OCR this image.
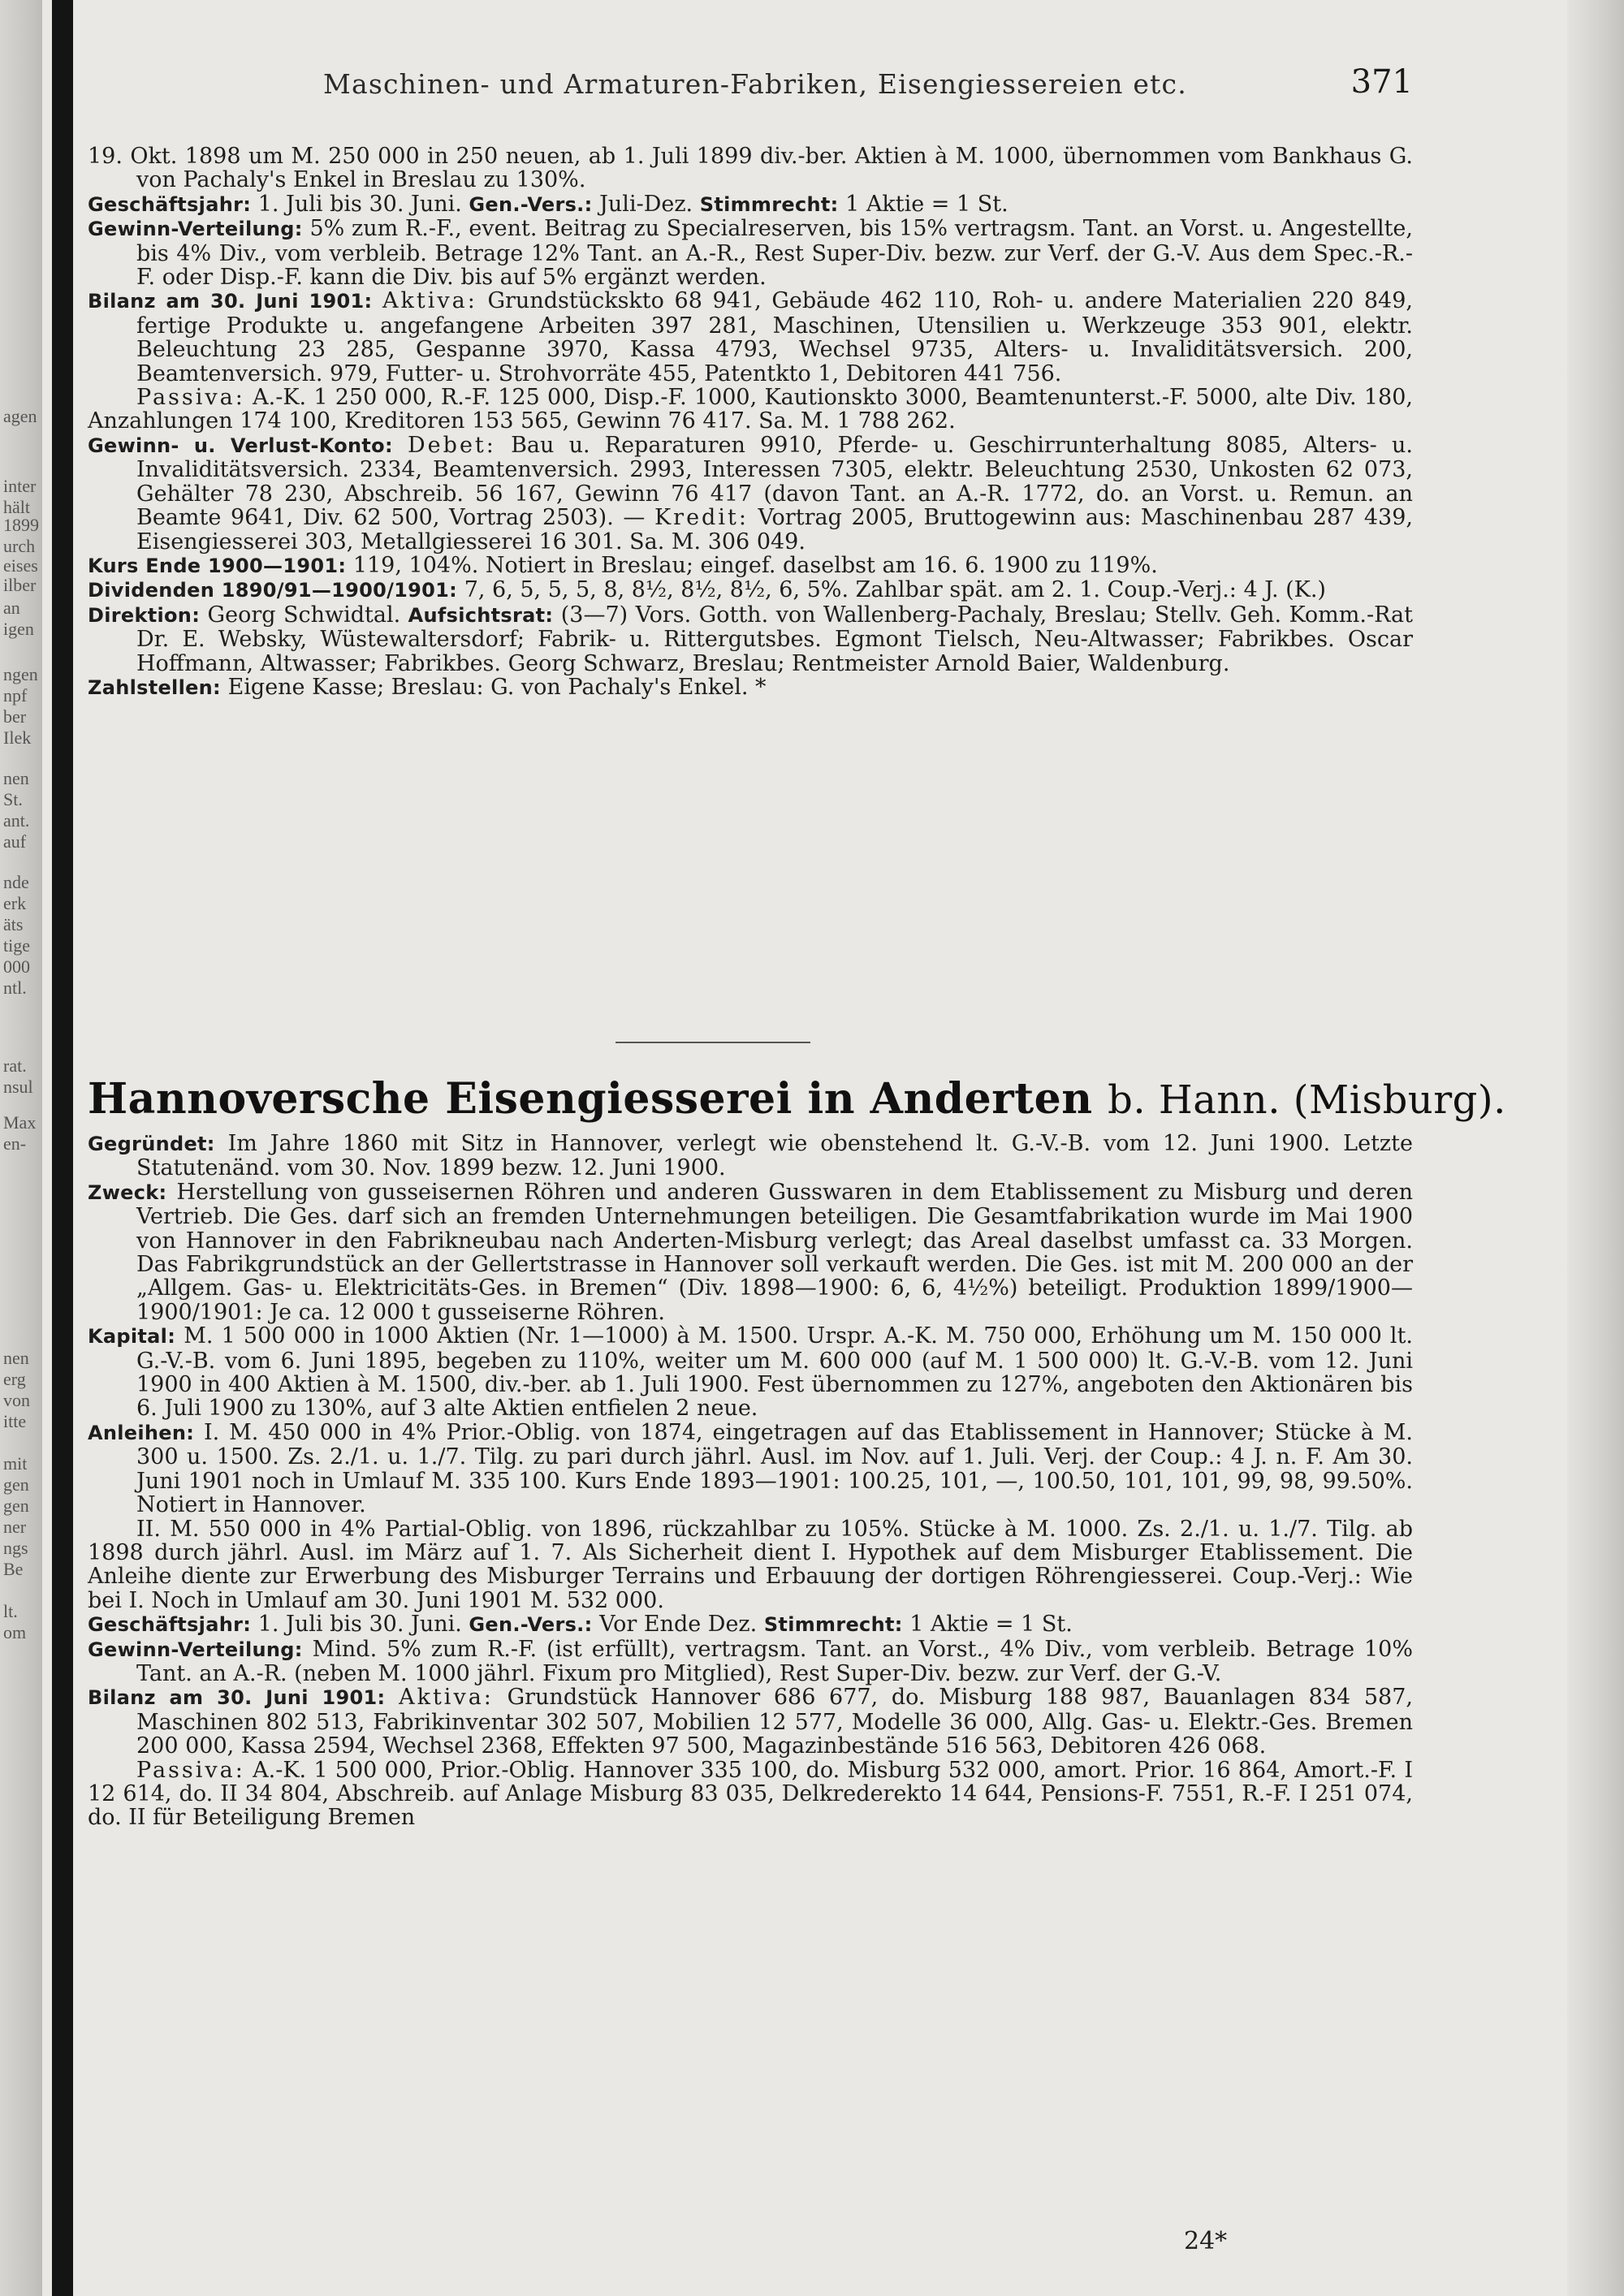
agen
inter
hält
1899
urch
eises
ilber
an
igen
ngen
npf
ber
Ilek
nen
St.
ant.
auf
nde
erk
äts
tige
000
ntl.
rat.
nsul
Max
en-
nen
erg
von
itte
mit
gen
gen
ner
ngs
Be
lt.
om
Maschinen- und Armaturen-Fabriken, Eisengiessereien etc.	371

19. Okt. 1898 um M. 250 000 in 250 neuen, ab 1. Juli 1899 div.-ber. Aktien à M. 1000, übernommen vom Bankhaus G. von Pachaly's Enkel in Breslau zu 130%.

Geschäftsjahr: 1. Juli bis 30. Juni. Gen.-Vers.: Juli-Dez. Stimmrecht: 1 Aktie = 1 St.

Gewinn-Verteilung: 5% zum R.-F., event. Beitrag zu Specialreserven, bis 15% vertragsm. Tant. an Vorst. u. Angestellte, bis 4% Div., vom verbleib. Betrage 12% Tant. an A.-R., Rest Super-Div. bezw. zur Verf. der G.-V. Aus dem Spec.-R.-F. oder Disp.-F. kann die Div. bis auf 5% ergänzt werden.

Bilanz am 30. Juni 1901: Aktiva: Grundstückskto 68 941, Gebäude 462 110, Roh- u. andere Materialien 220 849, fertige Produkte u. angefangene Arbeiten 397 281, Maschinen, Utensilien u. Werkzeuge 353 901, elektr. Beleuchtung 23 285, Gespanne 3970, Kassa 4793, Wechsel 9735, Alters- u. Invaliditätsversich. 200, Beamtenversich. 979, Futter- u. Strohvorräte 455, Patentkto 1, Debitoren 441 756.

Passiva: A.-K. 1 250 000, R.-F. 125 000, Disp.-F. 1000, Kautionskto 3000, Beamtenunterst.-F. 5000, alte Div. 180, Anzahlungen 174 100, Kreditoren 153 565, Gewinn 76 417. Sa. M. 1 788 262.

Gewinn- u. Verlust-Konto: Debet: Bau u. Reparaturen 9910, Pferde- u. Geschirrunterhaltung 8085, Alters- u. Invaliditätsversich. 2334, Beamtenversich. 2993, Interessen 7305, elektr. Beleuchtung 2530, Unkosten 62 073, Gehälter 78 230, Abschreib. 56 167, Gewinn 76 417 (davon Tant. an A.-R. 1772, do. an Vorst. u. Remun. an Beamte 9641, Div. 62 500, Vortrag 2503). — Kredit: Vortrag 2005, Bruttogewinn aus: Maschinenbau 287 439, Eisengiesserei 303, Metallgiesserei 16 301. Sa. M. 306 049.

Kurs Ende 1900—1901: 119, 104%. Notiert in Breslau; eingef. daselbst am 16. 6. 1900 zu 119%.

Dividenden 1890/91—1900/1901: 7, 6, 5, 5, 5, 8, 8½, 8½, 8½, 6, 5%. Zahlbar spät. am 2. 1. Coup.-Verj.: 4 J. (K.)

Direktion: Georg Schwidtal. Aufsichtsrat: (3—7) Vors. Gotth. von Wallenberg-Pachaly, Breslau; Stellv. Geh. Komm.-Rat Dr. E. Websky, Wüstewaltersdorf; Fabrik- u. Rittergutsbes. Egmont Tielsch, Neu-Altwasser; Fabrikbes. Oscar Hoffmann, Altwasser; Fabrikbes. Georg Schwarz, Breslau; Rentmeister Arnold Baier, Waldenburg.

Zahlstellen: Eigene Kasse; Breslau: G. von Pachaly's Enkel. *

Hannoversche Eisengiesserei in Anderten b. Hann. (Misburg).

Gegründet: Im Jahre 1860 mit Sitz in Hannover, verlegt wie obenstehend lt. G.-V.-B. vom 12. Juni 1900. Letzte Statutenänd. vom 30. Nov. 1899 bezw. 12. Juni 1900.

Zweck: Herstellung von gusseisernen Röhren und anderen Gusswaren in dem Etablissement zu Misburg und deren Vertrieb. Die Ges. darf sich an fremden Unternehmungen beteiligen. Die Gesamtfabrikation wurde im Mai 1900 von Hannover in den Fabrikneubau nach Anderten-Misburg verlegt; das Areal daselbst umfasst ca. 33 Morgen. Das Fabrikgrundstück an der Gellertstrasse in Hannover soll verkauft werden. Die Ges. ist mit M. 200 000 an der „Allgem. Gas- u. Elektricitäts-Ges. in Bremen“ (Div. 1898—1900: 6, 6, 4½%) beteiligt. Produktion 1899/1900—1900/1901: Je ca. 12 000 t gusseiserne Röhren.

Kapital: M. 1 500 000 in 1000 Aktien (Nr. 1—1000) à M. 1500. Urspr. A.-K. M. 750 000, Erhöhung um M. 150 000 lt. G.-V.-B. vom 6. Juni 1895, begeben zu 110%, weiter um M. 600 000 (auf M. 1 500 000) lt. G.-V.-B. vom 12. Juni 1900 in 400 Aktien à M. 1500, div.-ber. ab 1. Juli 1900. Fest übernommen zu 127%, angeboten den Aktionären bis 6. Juli 1900 zu 130%, auf 3 alte Aktien entfielen 2 neue.

Anleihen: I. M. 450 000 in 4% Prior.-Oblig. von 1874, eingetragen auf das Etablissement in Hannover; Stücke à M. 300 u. 1500. Zs. 2./1. u. 1./7. Tilg. zu pari durch jährl. Ausl. im Nov. auf 1. Juli. Verj. der Coup.: 4 J. n. F. Am 30. Juni 1901 noch in Umlauf M. 335 100. Kurs Ende 1893—1901: 100.25, 101, —, 100.50, 101, 101, 99, 98, 99.50%. Notiert in Hannover.

II. M. 550 000 in 4% Partial-Oblig. von 1896, rückzahlbar zu 105%. Stücke à M. 1000. Zs. 2./1. u. 1./7. Tilg. ab 1898 durch jährl. Ausl. im März auf 1. 7. Als Sicherheit dient I. Hypothek auf dem Misburger Etablissement. Die Anleihe diente zur Erwerbung des Misburger Terrains und Erbauung der dortigen Röhrengiesserei. Coup.-Verj.: Wie bei I. Noch in Umlauf am 30. Juni 1901 M. 532 000.

Geschäftsjahr: 1. Juli bis 30. Juni. Gen.-Vers.: Vor Ende Dez. Stimmrecht: 1 Aktie = 1 St.

Gewinn-Verteilung: Mind. 5% zum R.-F. (ist erfüllt), vertragsm. Tant. an Vorst., 4% Div., vom verbleib. Betrage 10% Tant. an A.-R. (neben M. 1000 jährl. Fixum pro Mitglied), Rest Super-Div. bezw. zur Verf. der G.-V.

Bilanz am 30. Juni 1901: Aktiva: Grundstück Hannover 686 677, do. Misburg 188 987, Bauanlagen 834 587, Maschinen 802 513, Fabrikinventar 302 507, Mobilien 12 577, Modelle 36 000, Allg. Gas- u. Elektr.-Ges. Bremen 200 000, Kassa 2594, Wechsel 2368, Effekten 97 500, Magazinbestände 516 563, Debitoren 426 068.

Passiva: A.-K. 1 500 000, Prior.-Oblig. Hannover 335 100, do. Misburg 532 000, amort. Prior. 16 864, Amort.-F. I 12 614, do. II 34 804, Abschreib. auf Anlage Misburg 83 035, Delkrederekto 14 644, Pensions-F. 7551, R.-F. I 251 074, do. II für Beteiligung Bremen

24*
